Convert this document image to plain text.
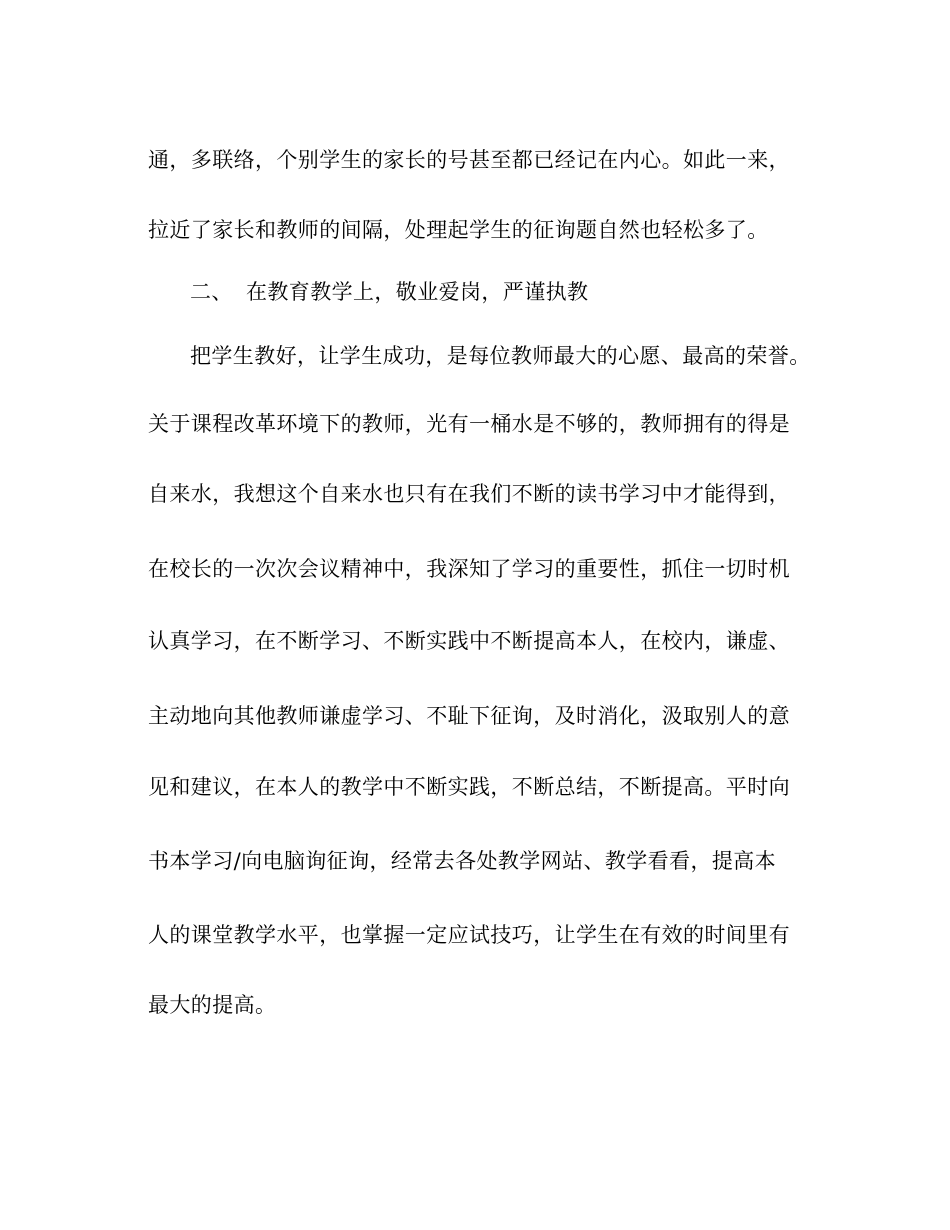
通，多联络，个别学生的家长的号甚至都已经记在内心。如此一来，
拉近了家长和教师的间隔，处理起学生的征询题自然也轻松多了。
二、 在教育教学上，敬业爱岗，严谨执教
把学生教好，让学生成功，是每位教师最大的心愿、最高的荣誉。
关于课程改革环境下的教师，光有一桶水是不够的，教师拥有的得是
自来水，我想这个自来水也只有在我们不断的读书学习中才能得到，
在校长的一次次会议精神中，我深知了学习的重要性，抓住一切时机
认真学习，在不断学习、不断实践中不断提高本人，在校内，谦虚、
主动地向其他教师谦虚学习、不耻下征询，及时消化，汲取别人的意
见和建议，在本人的教学中不断实践，不断总结，不断提高。平时向
书本学习/向电脑询征询，经常去各处教学网站、教学看看，提高本
人的课堂教学水平，也掌握一定应试技巧，让学生在有效的时间里有
最大的提高。
